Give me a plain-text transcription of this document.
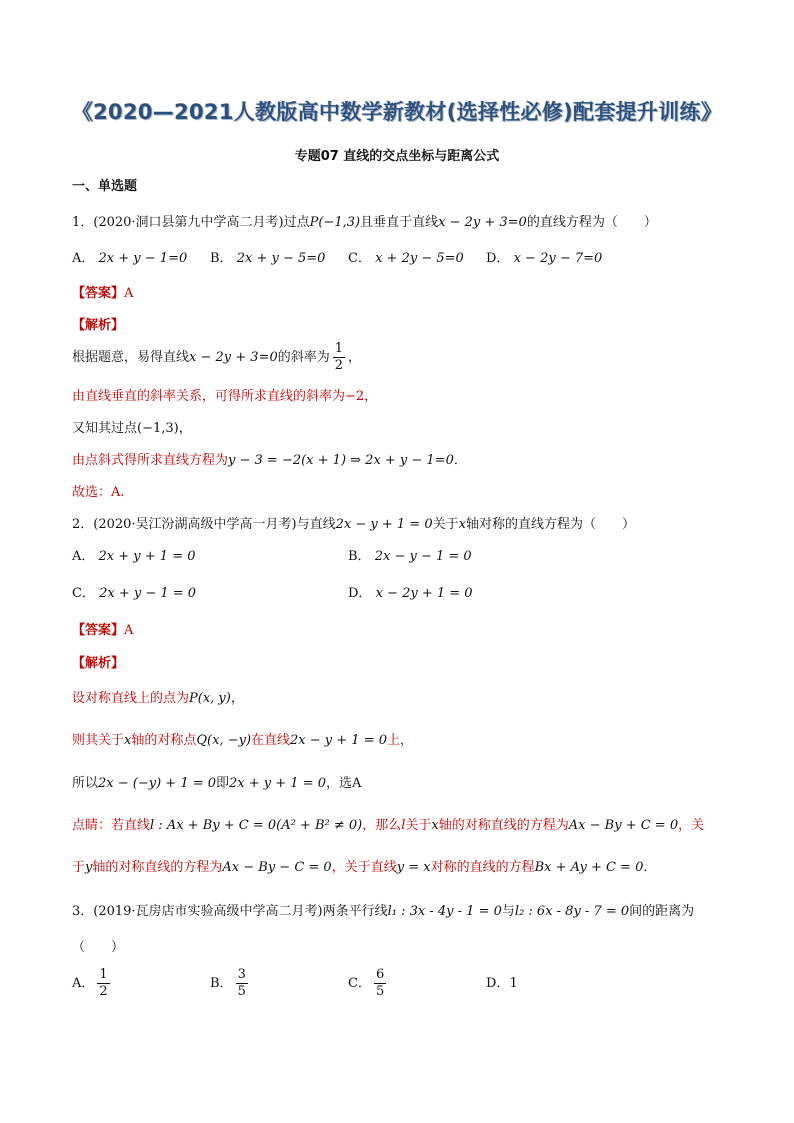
《2020—2021人教版高中数学新教材(选择性必修)配套提升训练》
专题07 直线的交点坐标与距离公式
一、单选题
1．(2020·洞口县第九中学高二月考)过点P(−1,3)且垂直于直线x − 2y + 3=0的直线方程为（　　）
A． 2x + y − 1=0 B． 2x + y − 5=0 C． x + 2y − 5=0 D． x − 2y − 7=0
【答案】A
【解析】
根据题意，易得直线x − 2y + 3=0的斜率为 $\frac{1}{2}$ ，
由直线垂直的斜率关系，可得所求直线的斜率为−2，
又知其过点(−1,3)，
由点斜式得所求直线方程为y − 3 = −2(x + 1) ⇒ 2x + y − 1=0．
故选：A．
2．(2020·吴江汾湖高级中学高一月考)与直线2x − y + 1 = 0关于x轴对称的直线方程为（　　）
A． 2x + y + 1 = 0	B． 2x − y − 1 = 0
C． 2x + y − 1 = 0	D． x − 2y + 1 = 0
【答案】A
【解析】
设对称直线上的点为P(x, y)，
则其关于x轴的对称点Q(x, −y)在直线2x − y + 1 = 0上，
所以2x − (−y) + 1 = 0即2x + y + 1 = 0，选A
点睛：若直线l : Ax + By + C = 0(A² + B² ≠ 0)，那么l关于x轴的对称直线的方程为Ax − By + C = 0，关
于y轴的对称直线的方程为Ax − By − C = 0，关于直线y = x对称的直线的方程Bx + Ay + C = 0．
3．(2019·瓦房店市实验高级中学高二月考)两条平行线l₁ : 3x - 4y - 1 = 0与l₂ : 6x - 8y - 7 = 0间的距离为
（　　）
A． $\frac{1}{2}$	B． $\frac{3}{5}$	C． $\frac{6}{5}$	D．1
